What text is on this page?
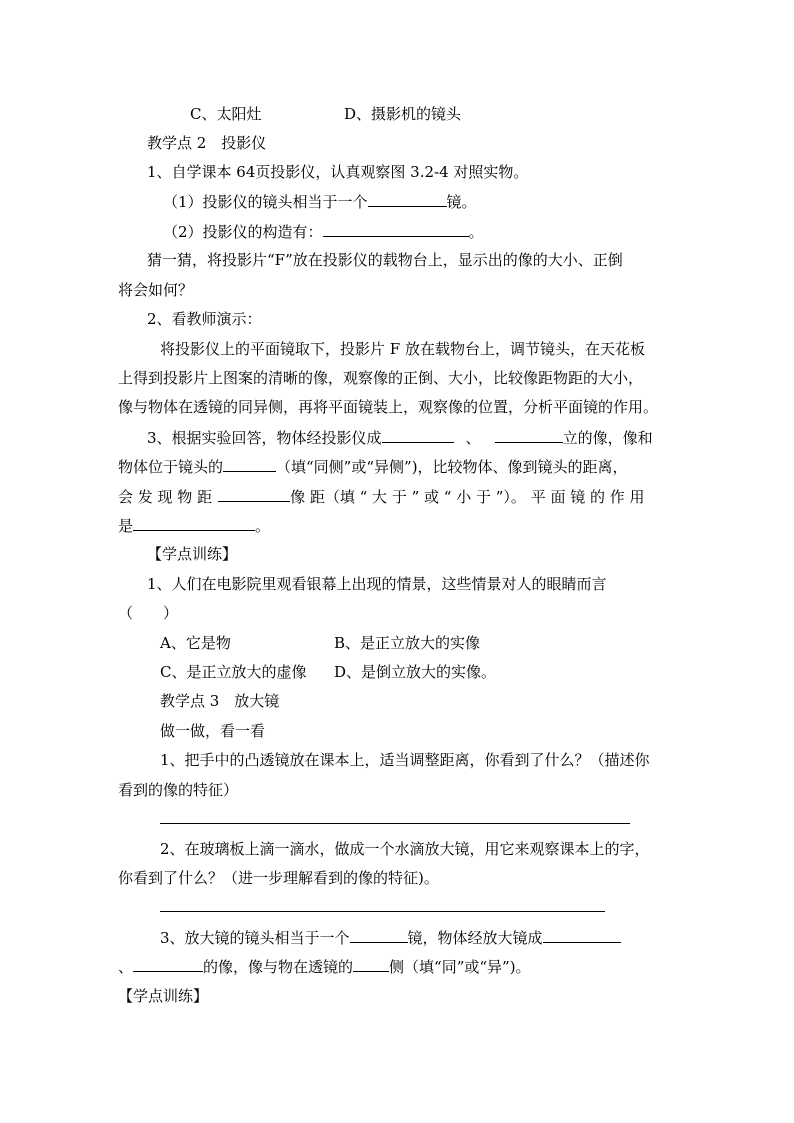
C、太阳灶	D、摄影机的镜头
教学点 2　投影仪
1、自学课本 64页投影仪，认真观察图 3.2-4 对照实物。
（1）投影仪的镜头相当于一个	镜。
（2）投影仪的构造有：	。
猜一猜，将投影片“F”放在投影仪的载物台上，显示出的像的大小、正倒
将会如何？
2、看教师演示：
将投影仪上的平面镜取下，投影片 F 放在载物台上，调节镜头，在天花板
上得到投影片上图案的清晰的像，观察像的正倒、大小，比较像距物距的大小，
像与物体在透镜的同异侧，再将平面镜装上，观察像的位置，分析平面镜的作用。
3、根据实验回答，物体经投影仪成	、	立的像，像和
物体位于镜头的	（填“同侧”或“异侧”)，比较物体、像到镜头的距离，
会 发 现 物 距	像 距（填 “ 大 于 ” 或 “ 小 于 ”）。 平 面 镜 的 作 用
是	。
【学点训练】
1、人们在电影院里观看银幕上出现的情景，这些情景对人的眼睛而言
（　　）
A、它是物	B、是正立放大的实像
C、是正立放大的虚像 D、是倒立放大的实像。
教学点 3　放大镜
做一做，看一看
1、把手中的凸透镜放在课本上，适当调整距离，你看到了什么？（描述你
看到的像的特征）
2、在玻璃板上滴一滴水，做成一个水滴放大镜，用它来观察课本上的字，
你看到了什么？（进一步理解看到的像的特征)。
3、放大镜的镜头相当于一个	镜，物体经放大镜成
、	的像，像与物在透镜的 侧（填“同”或“异”)。
【学点训练】
